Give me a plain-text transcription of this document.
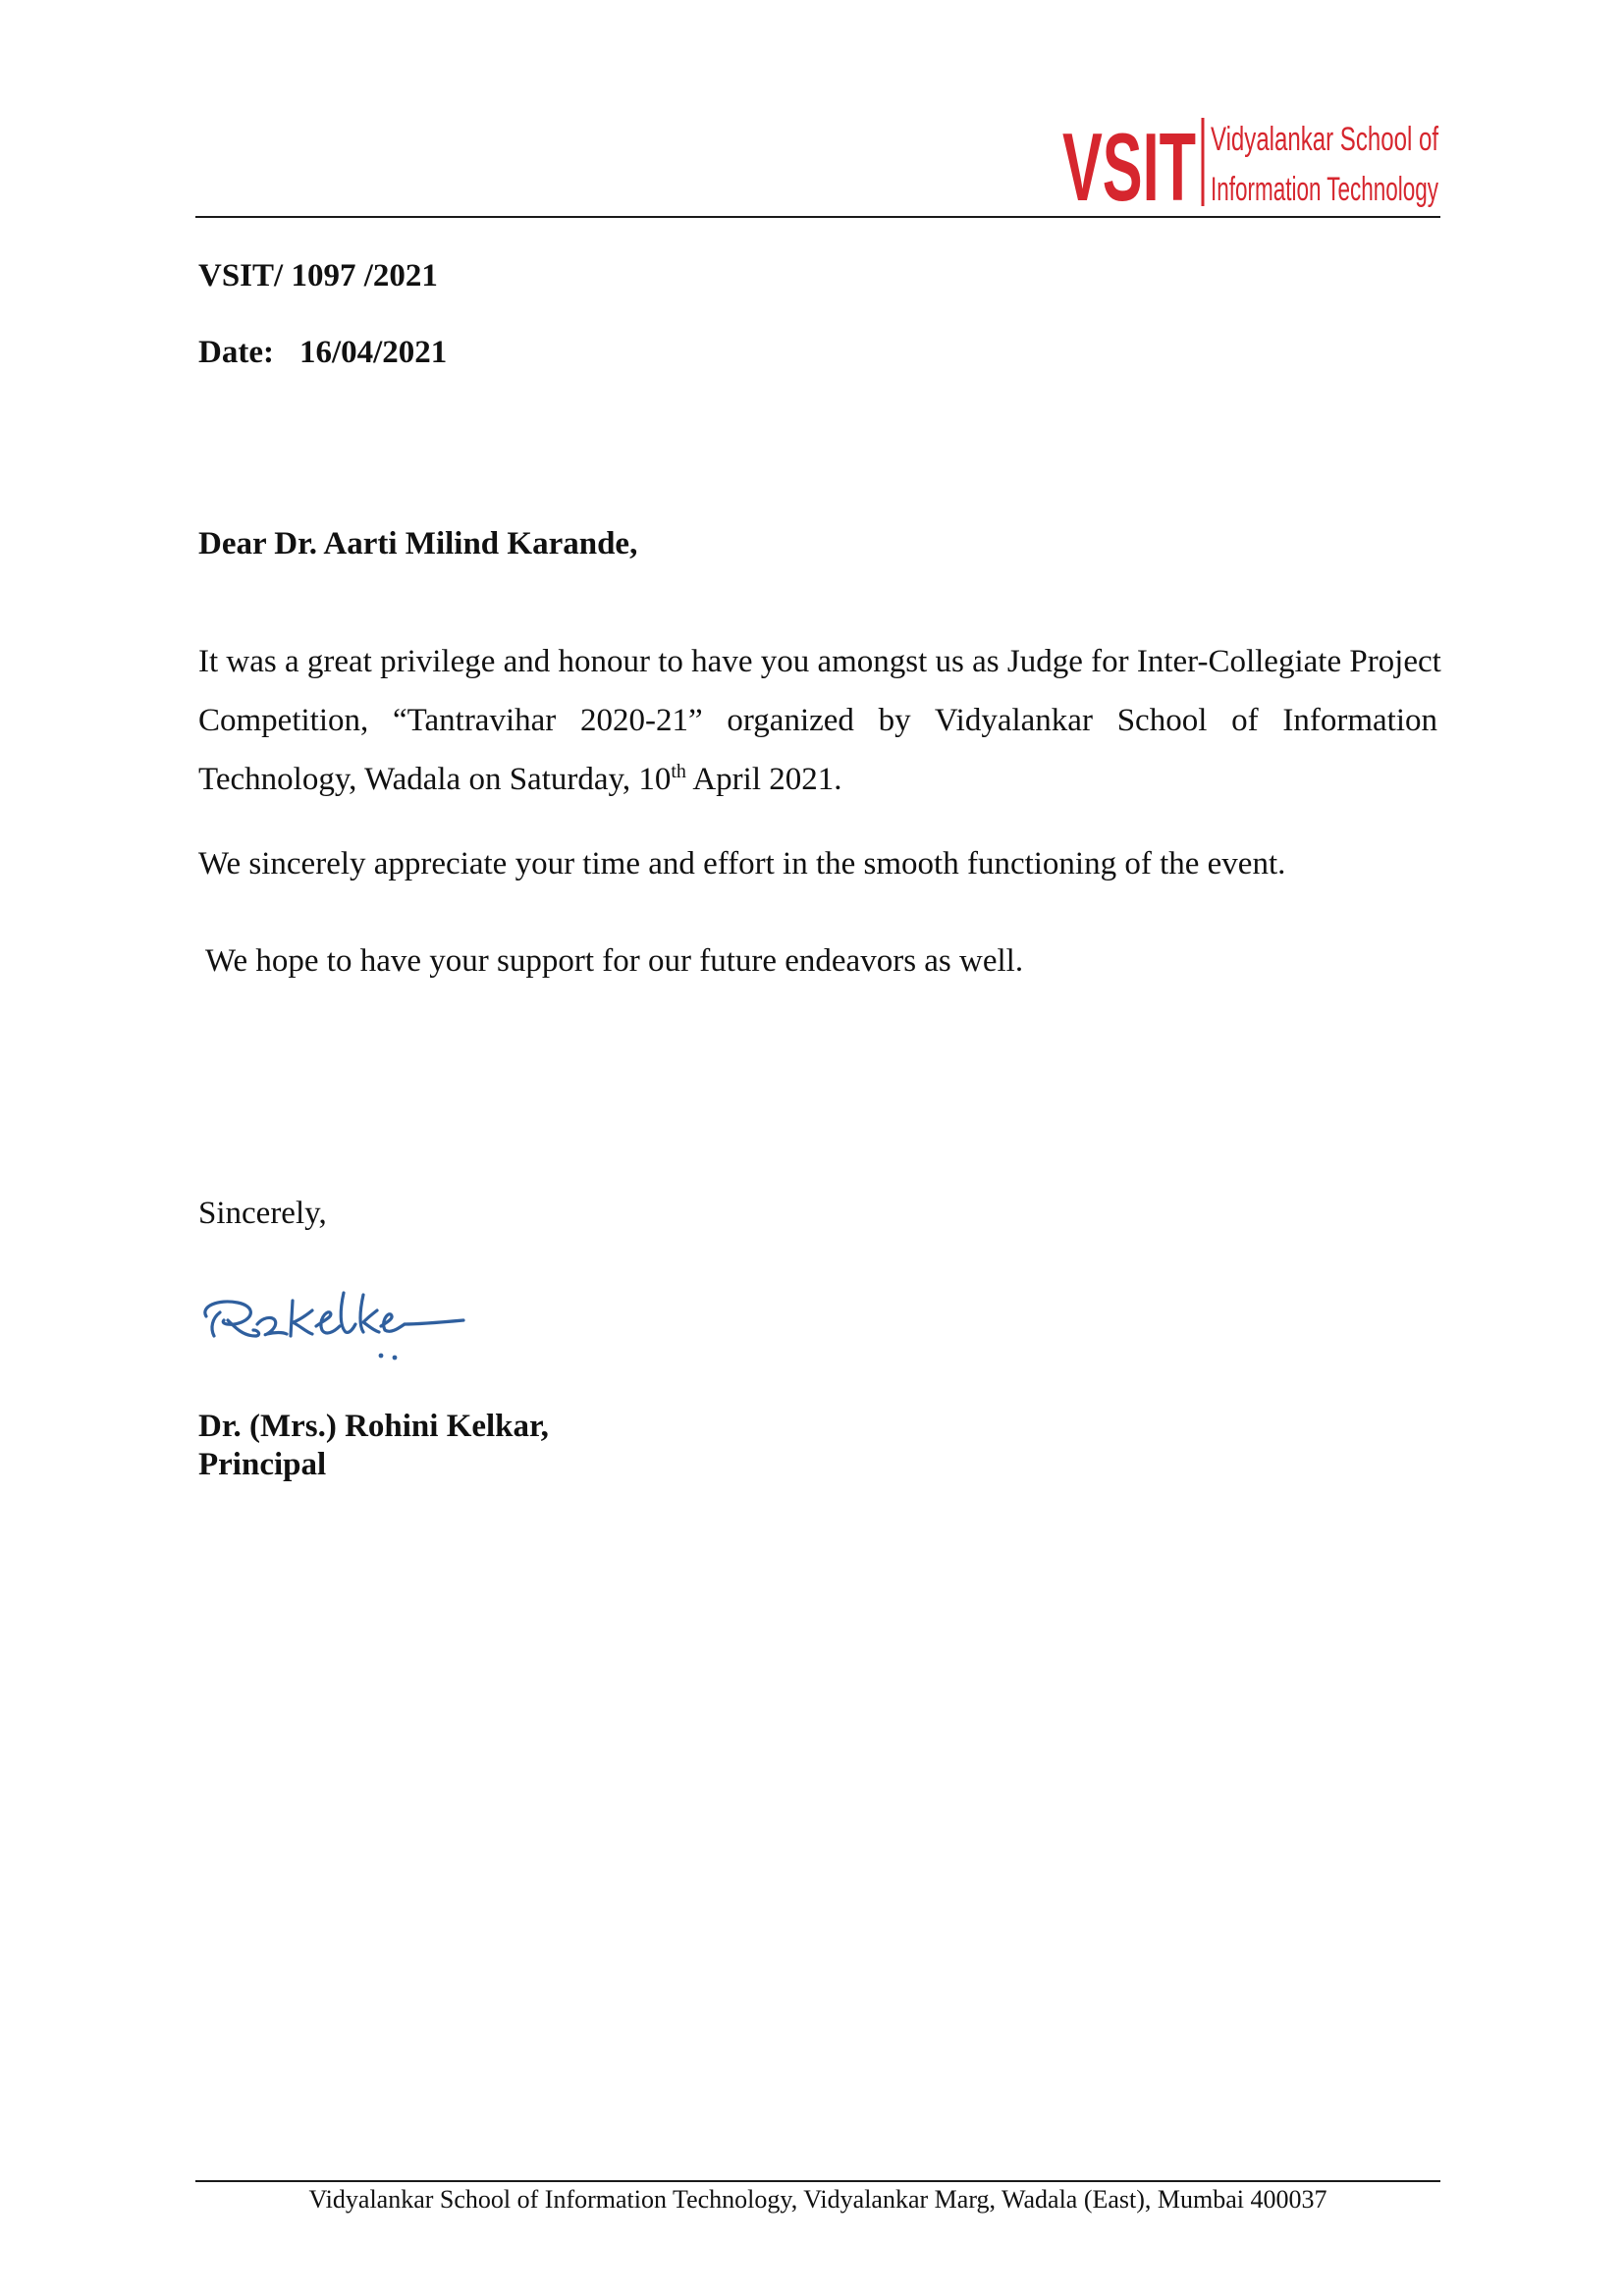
VSIT Vidyalankar School of
Information Technology
VSIT/ 1097 /2021
Date: 16/04/2021
Dear Dr. Aarti Milind Karande,
It was a great privilege and honour to have you amongst us as Judge for Inter-Collegiate Project
Competition, “Tantravihar 2020-21” organized by Vidyalankar School of Information
Technology, Wadala on Saturday, 10th April 2021.
We sincerely appreciate your time and effort in the smooth functioning of the event.
We hope to have your support for our future endeavors as well.
Sincerely,
Dr. (Mrs.) Rohini Kelkar,
Principal
Vidyalankar School of Information Technology, Vidyalankar Marg, Wadala (East), Mumbai 400037
